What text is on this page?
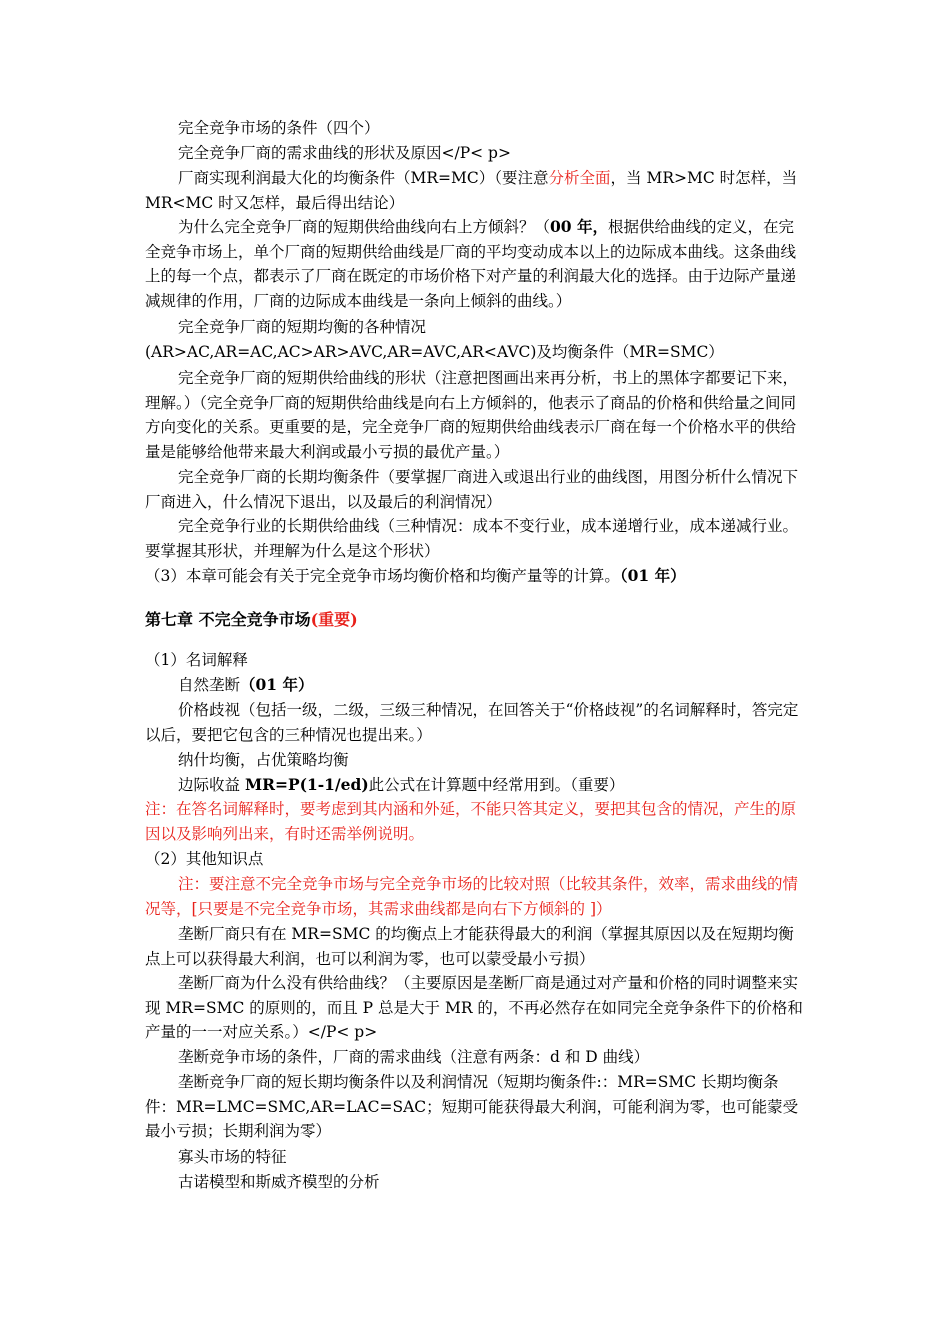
完全竞争市场的条件（四个）
完全竞争厂商的需求曲线的形状及原因</P< p>
厂商实现利润最大化的均衡条件（MR=MC）（要注意分析全面，当 MR>MC 时怎样，当 MR<MC 时又怎样，最后得出结论）
为什么完全竞争厂商的短期供给曲线向右上方倾斜？（00 年，根据供给曲线的定义，在完全竞争市场上，单个厂商的短期供给曲线是厂商的平均变动成本以上的边际成本曲线。这条曲线上的每一个点，都表示了厂商在既定的市场价格下对产量的利润最大化的选择。由于边际产量递减规律的作用，厂商的边际成本曲线是一条向上倾斜的曲线。）
完全竞争厂商的短期均衡的各种情况
(AR>AC,AR=AC,AC>AR>AVC,AR=AVC,AR<AVC)及均衡条件（MR=SMC）
完全竞争厂商的短期供给曲线的形状（注意把图画出来再分析，书上的黑体字都要记下来，理解。）（完全竞争厂商的短期供给曲线是向右上方倾斜的，他表示了商品的价格和供给量之间同方向变化的关系。更重要的是，完全竞争厂商的短期供给曲线表示厂商在每一个价格水平的供给量是能够给他带来最大利润或最小亏损的最优产量。）
完全竞争厂商的长期均衡条件（要掌握厂商进入或退出行业的曲线图，用图分析什么情况下厂商进入，什么情况下退出，以及最后的利润情况）
完全竞争行业的长期供给曲线（三种情况：成本不变行业，成本递增行业，成本递减行业。要掌握其形状，并理解为什么是这个形状）
（3）本章可能会有关于完全竞争市场均衡价格和均衡产量等的计算。（01 年）
第七章 不完全竞争市场(重要)
（1）名词解释
自然垄断（01 年）
价格歧视（包括一级，二级，三级三种情况，在回答关于“价格歧视”的名词解释时，答完定以后，要把它包含的三种情况也提出来。）
纳什均衡，占优策略均衡
边际收益 MR=P(1-1/ed)此公式在计算题中经常用到。（重要）
注：在答名词解释时，要考虑到其内涵和外延，不能只答其定义，要把其包含的情况，产生的原因以及影响列出来，有时还需举例说明。
（2）其他知识点
注：要注意不完全竞争市场与完全竞争市场的比较对照（比较其条件，效率，需求曲线的情况等，[只要是不完全竞争市场，其需求曲线都是向右下方倾斜的 ]）
垄断厂商只有在 MR=SMC 的均衡点上才能获得最大的利润（掌握其原因以及在短期均衡点上可以获得最大利润，也可以利润为零，也可以蒙受最小亏损）
垄断厂商为什么没有供给曲线？（主要原因是垄断厂商是通过对产量和价格的同时调整来实现 MR=SMC 的原则的，而且 P 总是大于 MR 的，不再必然存在如同完全竞争条件下的价格和产量的一一对应关系。）</P< p>
垄断竞争市场的条件，厂商的需求曲线（注意有两条：d 和 D 曲线）
垄断竞争厂商的短长期均衡条件以及利润情况（短期均衡条件:：MR=SMC 长期均衡条件：MR=LMC=SMC,AR=LAC=SAC；短期可能获得最大利润，可能利润为零，也可能蒙受最小亏损；长期利润为零）
寡头市场的特征
古诺模型和斯威齐模型的分析
